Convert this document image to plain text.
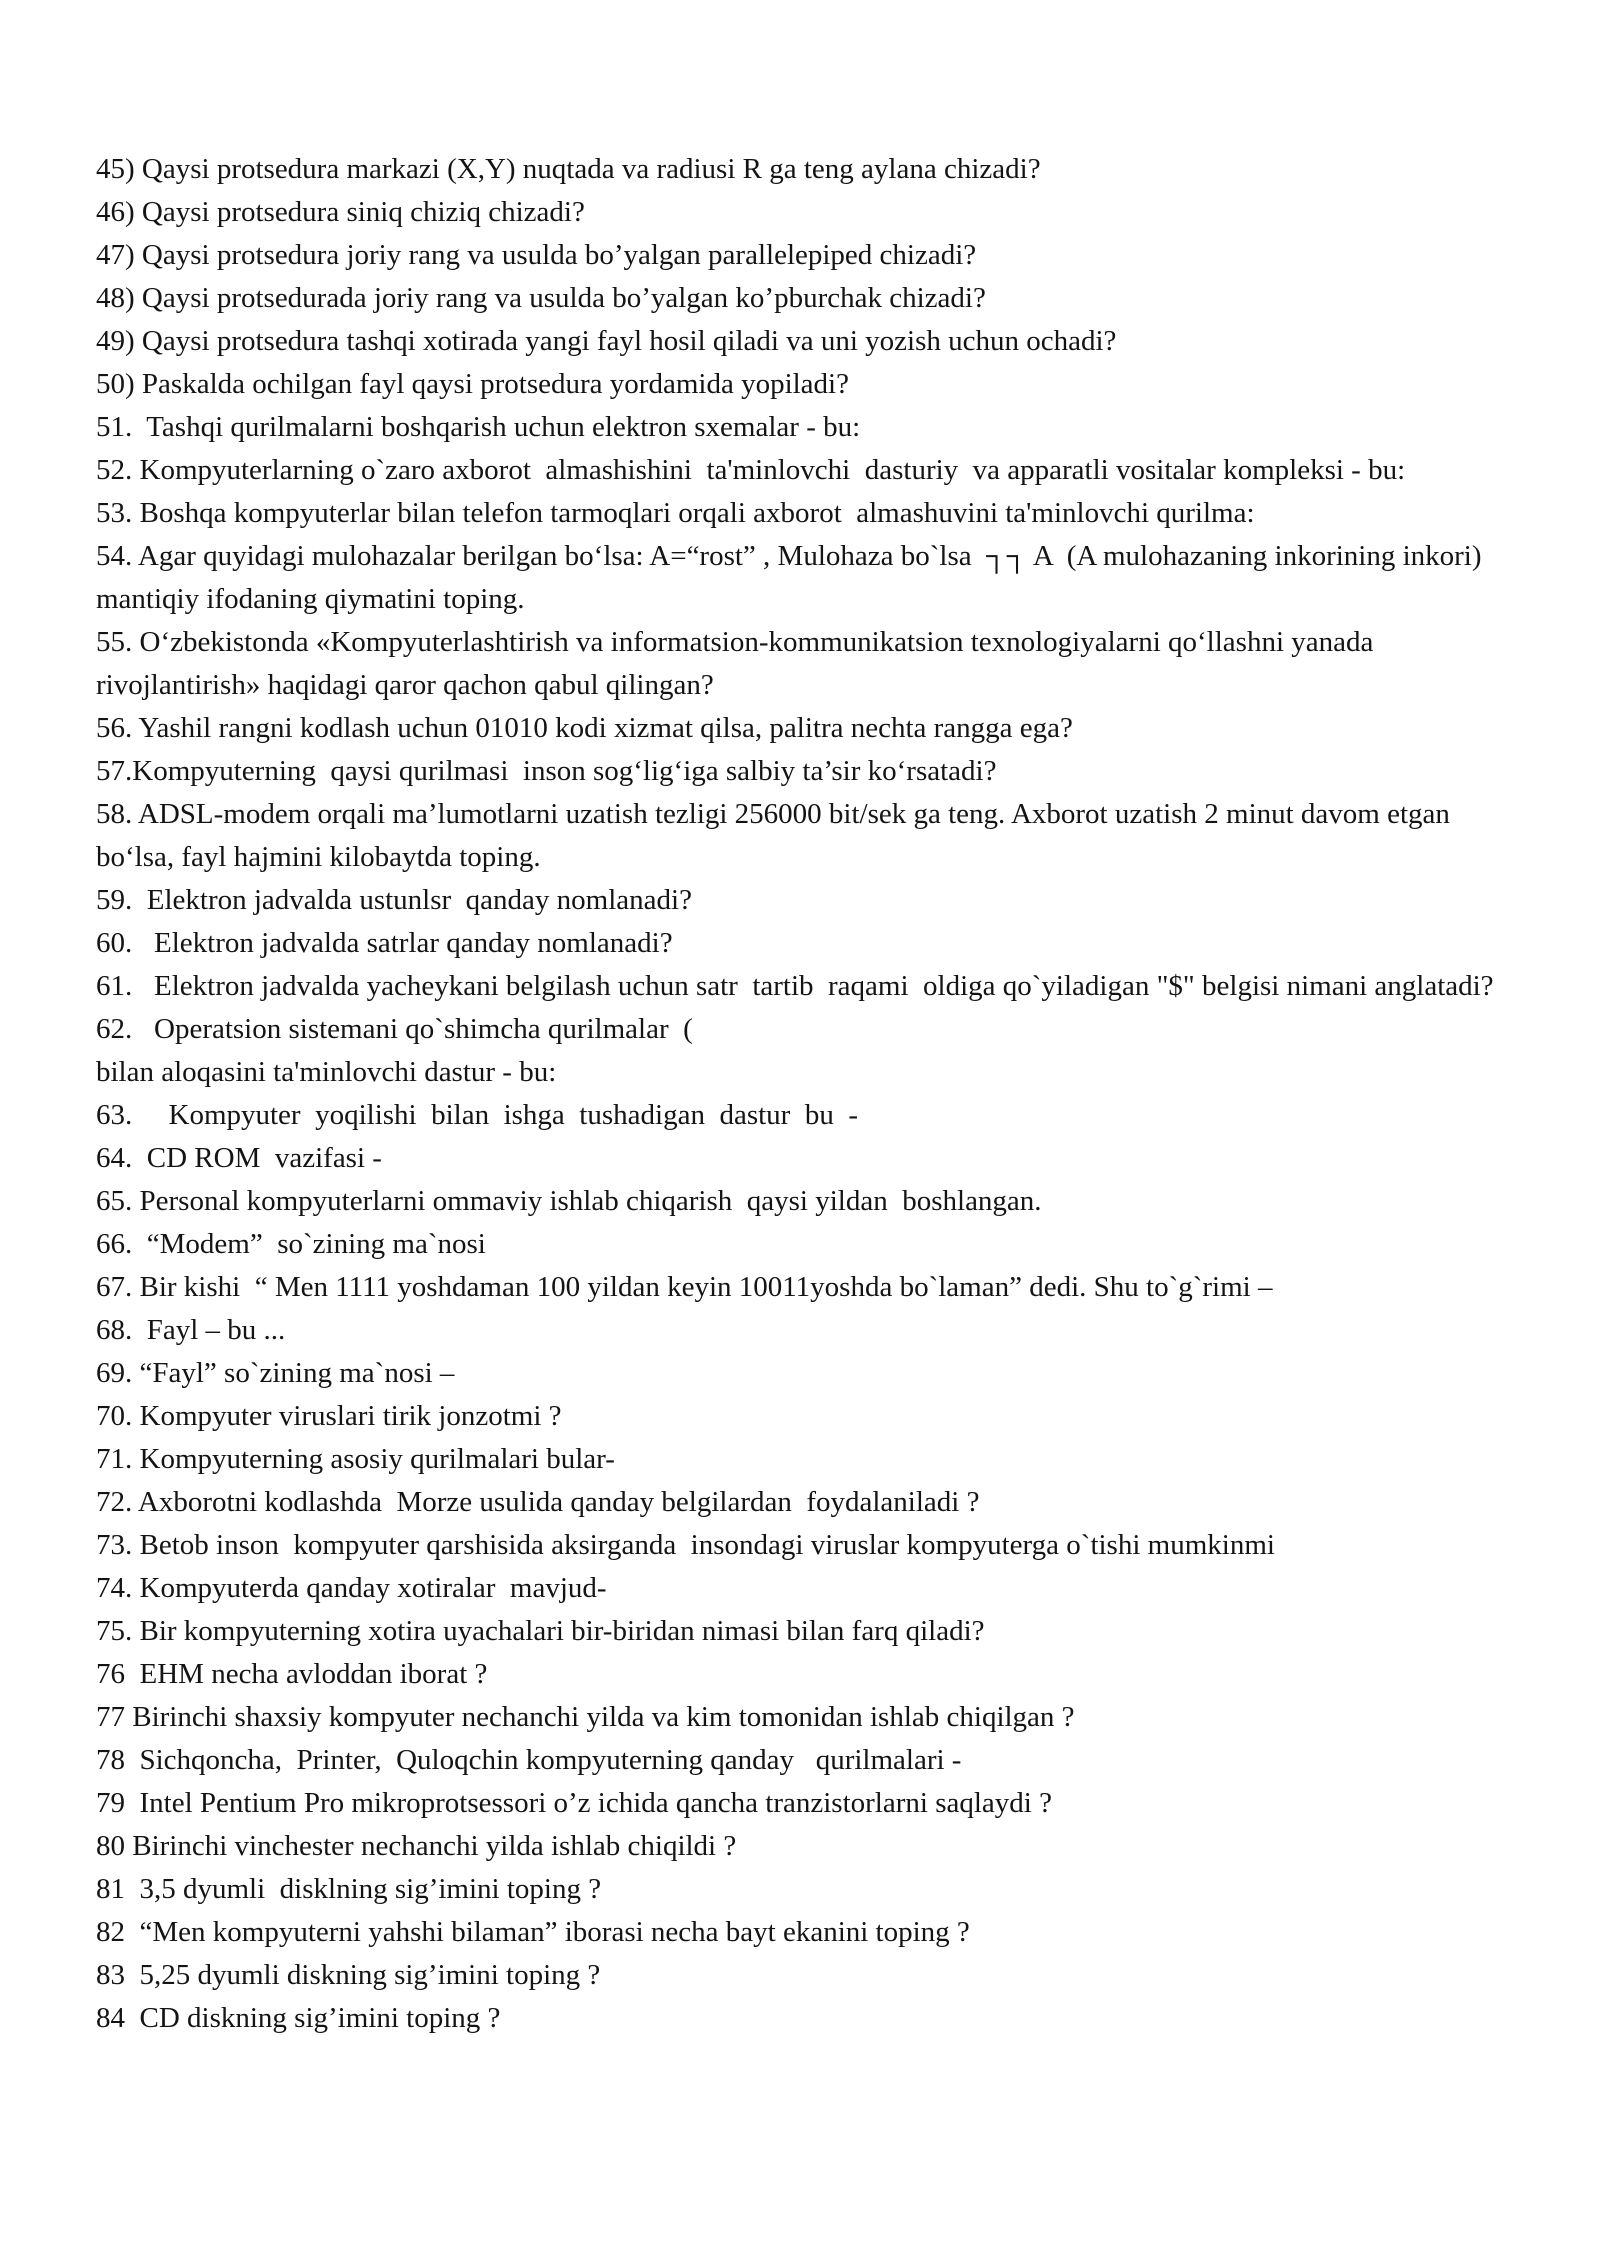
45) Qaysi protsedura markazi (X,Y) nuqtada va radiusi R ga teng aylana chizadi?

46) Qaysi protsedura siniq chiziq chizadi?

47) Qaysi protsedura joriy rang va usulda bo’yalgan parallelepiped chizadi?

48) Qaysi protsedurada joriy rang va usulda bo’yalgan ko’pburchak chizadi?

49) Qaysi protsedura tashqi xotirada yangi fayl hosil qiladi va uni yozish uchun ochadi?

50) Paskalda ochilgan fayl qaysi protsedura yordamida yopiladi?

51.  Tashqi qurilmalarni boshqarish uchun elektron sxemalar - bu:

52. Kompyuterlarning o`zaro axborot  almashishini  ta'minlovchi  dasturiy  va apparatli vositalar kompleksi - bu:

53. Boshqa kompyuterlar bilan telefon tarmoqlari orqali axborot  almashuvini ta'minlovchi qurilma:

54. Agar quyidagi mulohazalar berilgan bo‘lsa: A=“rost” , Mulohaza bo`lsa  ┐┐ A  (A mulohazaning inkorining inkori) mantiqiy ifodaning qiymatini toping.

55. O‘zbekistonda «Kompyuterlashtirish va informatsion-kommunikatsion texnologiyalarni qo‘llashni yanada rivojlantirish» haqidagi qaror qachon qabul qilingan?

56. Yashil rangni kodlash uchun 01010 kodi xizmat qilsa, palitra nechta rangga ega?

57.Kompyuterning  qaysi qurilmasi  inson sog‘lig‘iga salbiy ta’sir ko‘rsatadi?

58. ADSL-modem orqali ma’lumotlarni uzatish tezligi 256000 bit/sek ga teng. Axborot uzatish 2 minut davom etgan bo‘lsa, fayl hajmini kilobaytda toping.

59.  Elektron jadvalda ustunlsr  qanday nomlanadi?

60.   Elektron jadvalda satrlar qanday nomlanadi?

61.   Elektron jadvalda yacheykani belgilash uchun satr  tartib  raqami  oldiga qo`yiladigan "$" belgisi nimani anglatadi?

62.   Operatsion sistemani qo`shimcha qurilmalar  (

bilan aloqasini ta'minlovchi dastur - bu:

63.     Kompyuter  yoqilishi  bilan  ishga  tushadigan  dastur  bu  -

64.  CD ROM  vazifasi -

65. Personal kompyuterlarni ommaviy ishlab chiqarish  qaysi yildan  boshlangan.

66.  “Modem”  so`zining ma`nosi

67. Bir kishi  “ Men 1111 yoshdaman 100 yildan keyin 10011yoshda bo`laman” dedi. Shu to`g`rimi –

68.  Fayl – bu ...

69. “Fayl” so`zining ma`nosi –

70. Kompyuter viruslari tirik jonzotmi ?

71. Kompyuterning asosiy qurilmalari bular-

72. Axborotni kodlashda  Morze usulida qanday belgilardan  foydalaniladi ?

73. Betob inson  kompyuter qarshisida aksirganda  insondagi viruslar kompyuterga o`tishi mumkinmi

74. Kompyuterda qanday xotiralar  mavjud-

75. Bir kompyuterning xotira uyachalari bir-biridan nimasi bilan farq qiladi?

76  EHM necha avloddan iborat ?

77 Birinchi shaxsiy kompyuter nechanchi yilda va kim tomonidan ishlab chiqilgan ?

78  Sichqoncha,  Printer,  Quloqchin kompyuterning qanday   qurilmalari -

79  Intel Pentium Pro mikroprotsessori o’z ichida qancha tranzistorlarni saqlaydi ?

80 Birinchi vinchester nechanchi yilda ishlab chiqildi ?

81  3,5 dyumli  disklning sig’imini toping ?

82  “Men kompyuterni yahshi bilaman” iborasi necha bayt ekanini toping ?

83  5,25 dyumli diskning sig’imini toping ?

84  CD diskning sig’imini toping ?
